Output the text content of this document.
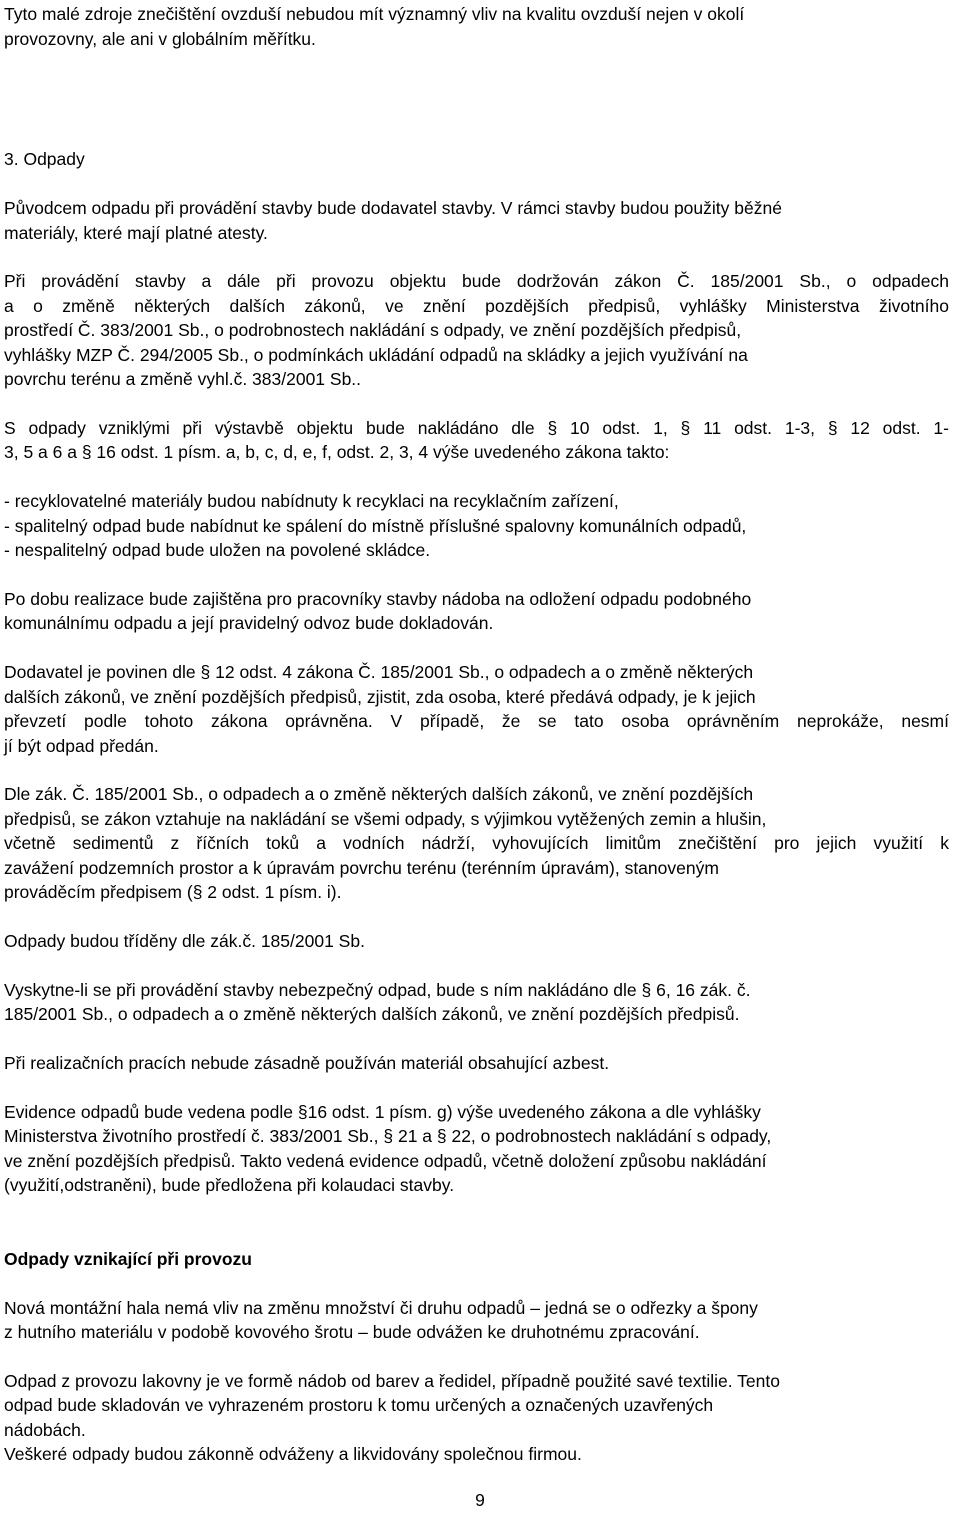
Tyto malé zdroje znečištění ovzduší nebudou mít významný vliv na kvalitu ovzduší nejen v okolí

provozovny, ale ani v globálním měřítku.

3. Odpady

Původcem odpadu při provádění stavby bude dodavatel stavby. V rámci stavby budou použity běžné

materiály, které mají platné atesty.

Při provádění stavby a dále při provozu objektu bude dodržován zákon Č. 185/2001 Sb., o odpadech

a o změně některých dalších zákonů, ve znění pozdějších předpisů, vyhlášky Ministerstva životního

prostředí Č. 383/2001 Sb., o podrobnostech nakládání s odpady, ve znění pozdějších předpisů,

vyhlášky MZP Č. 294/2005 Sb., o podmínkách ukládání odpadů na skládky a jejich využívání na

povrchu terénu a změně vyhl.č. 383/2001 Sb..

S odpady vzniklými při výstavbě objektu bude nakládáno dle § 10 odst. 1, § 11 odst. 1-3, § 12 odst. 1-

3, 5 a 6 a § 16 odst. 1 písm. a, b, c, d, e, f, odst. 2, 3, 4 výše uvedeného zákona takto:

- recyklovatelné materiály budou nabídnuty k recyklaci na recyklačním zařízení,

- spalitelný odpad bude nabídnut ke spálení do místně příslušné spalovny komunálních odpadů,

- nespalitelný odpad bude uložen na povolené skládce.

Po dobu realizace bude zajištěna pro pracovníky stavby nádoba na odložení odpadu podobného

komunálnímu odpadu a její pravidelný odvoz bude dokladován.

Dodavatel je povinen dle § 12 odst. 4 zákona Č. 185/2001 Sb., o odpadech a o změně některých

dalších zákonů, ve znění pozdějších předpisů, zjistit, zda osoba, které předává odpady, je k jejich

převzetí podle tohoto zákona oprávněna. V případě, že se tato osoba oprávněním neprokáže, nesmí

jí být odpad předán.

Dle zák. Č. 185/2001 Sb., o odpadech a o změně některých dalších zákonů, ve znění pozdějších

předpisů, se zákon vztahuje na nakládání se všemi odpady, s výjimkou vytěžených zemin a hlušin,

včetně sedimentů z říčních toků a vodních nádrží, vyhovujících limitům znečištění pro jejich využití k

zavážení podzemních prostor a k úpravám povrchu terénu (terénním úpravám), stanoveným

prováděcím předpisem (§ 2 odst. 1 písm. i).

Odpady budou tříděny dle zák.č. 185/2001 Sb.

Vyskytne-li se při provádění stavby nebezpečný odpad, bude s ním nakládáno dle § 6, 16 zák. č.

185/2001 Sb., o odpadech a o změně některých dalších zákonů, ve znění pozdějších předpisů.

Při realizačních pracích nebude zásadně používán materiál obsahující azbest.

Evidence odpadů bude vedena podle §16 odst. 1 písm. g) výše uvedeného zákona a dle vyhlášky

Ministerstva životního prostředí č. 383/2001 Sb., § 21 a § 22, o podrobnostech nakládání s odpady,

ve znění pozdějších předpisů. Takto vedená evidence odpadů, včetně doložení způsobu nakládání

(využití,odstraněni), bude předložena při kolaudaci stavby.

Odpady vznikající při provozu

Nová montážní hala nemá vliv na změnu množství či druhu odpadů – jedná se o odřezky a špony

z hutního materiálu v podobě kovového šrotu – bude odvážen ke druhotnému zpracování.

Odpad z provozu lakovny je ve formě nádob od barev a ředidel, případně použité savé textilie. Tento

odpad bude skladován ve vyhrazeném prostoru k tomu určených a označených uzavřených

nádobách.

Veškeré odpady budou zákonně odváženy a likvidovány společnou firmou.

9
